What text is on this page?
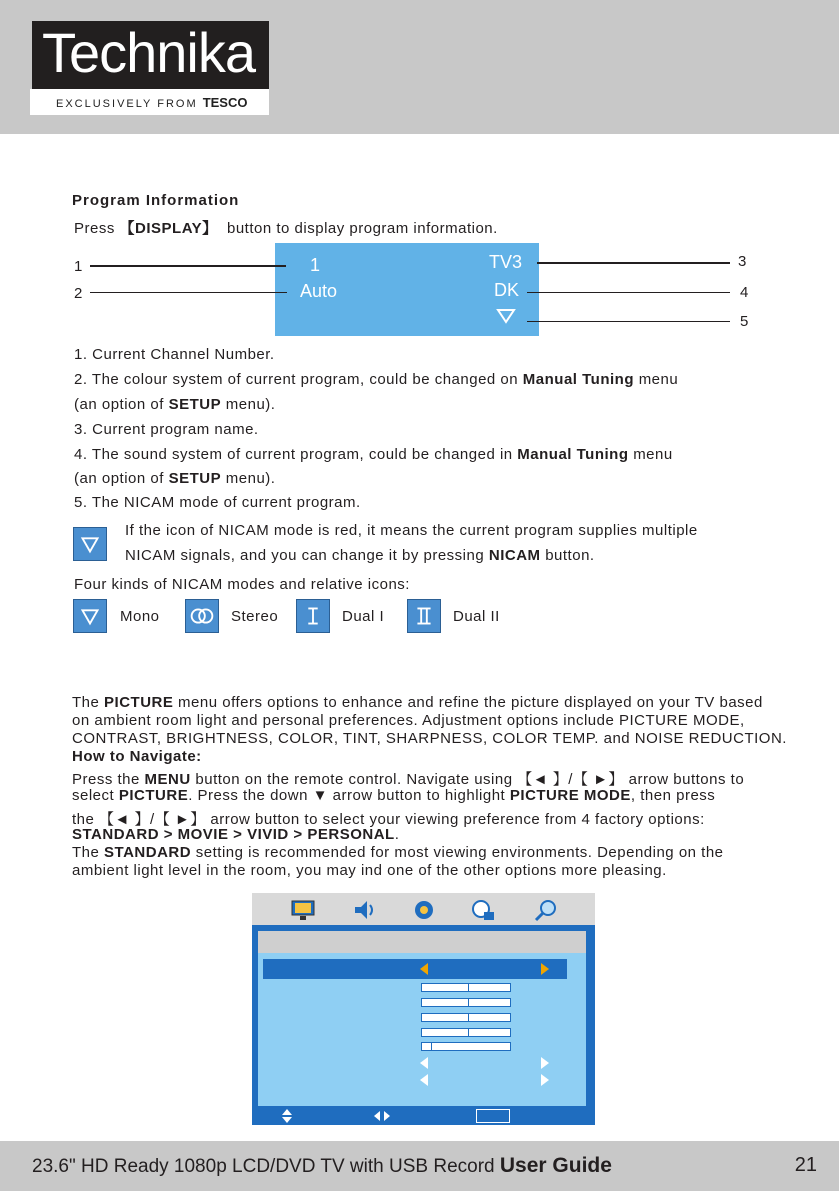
Technika
EXCLUSIVELY FROM TESCO
Program Information
Press 【DISPLAY】 button to display program information.
1
Auto
TV3
DK
1
2
3
4
5
1. Current Channel Number.
2. The colour system of current program, could be changed on Manual Tuning menu
(an option of SETUP menu).
3. Current program name.
4. The sound system of current program, could be changed in Manual Tuning menu
(an option of SETUP menu).
5. The NICAM mode of current program.
If the icon of NICAM mode is red, it means the current program supplies multiple
NICAM signals, and you can change it by pressing NICAM button.
Four kinds of NICAM modes and relative icons:
Mono	Stereo	Dual I	Dual II
The PICTURE menu offers options to enhance and refine the picture displayed on your TV based
on ambient room light and personal preferences. Adjustment options include PICTURE MODE,
CONTRAST, BRIGHTNESS, COLOR, TINT, SHARPNESS, COLOR TEMP. and NOISE REDUCTION.
How to Navigate:
Press the MENU button on the remote control. Navigate using 【◄ 】/【 ►】 arrow buttons to
select PICTURE. Press the down ▼ arrow button to highlight PICTURE MODE, then press
the 【◄ 】/【 ►】 arrow button to select your viewing preference from 4 factory options:
STANDARD > MOVIE > VIVID > PERSONAL.
The STANDARD setting is recommended for most viewing environments. Depending on the
ambient light level in the room, you may ind one of the other options more pleasing.
23.6" HD Ready 1080p LCD/DVD TV with USB Record User Guide	21
